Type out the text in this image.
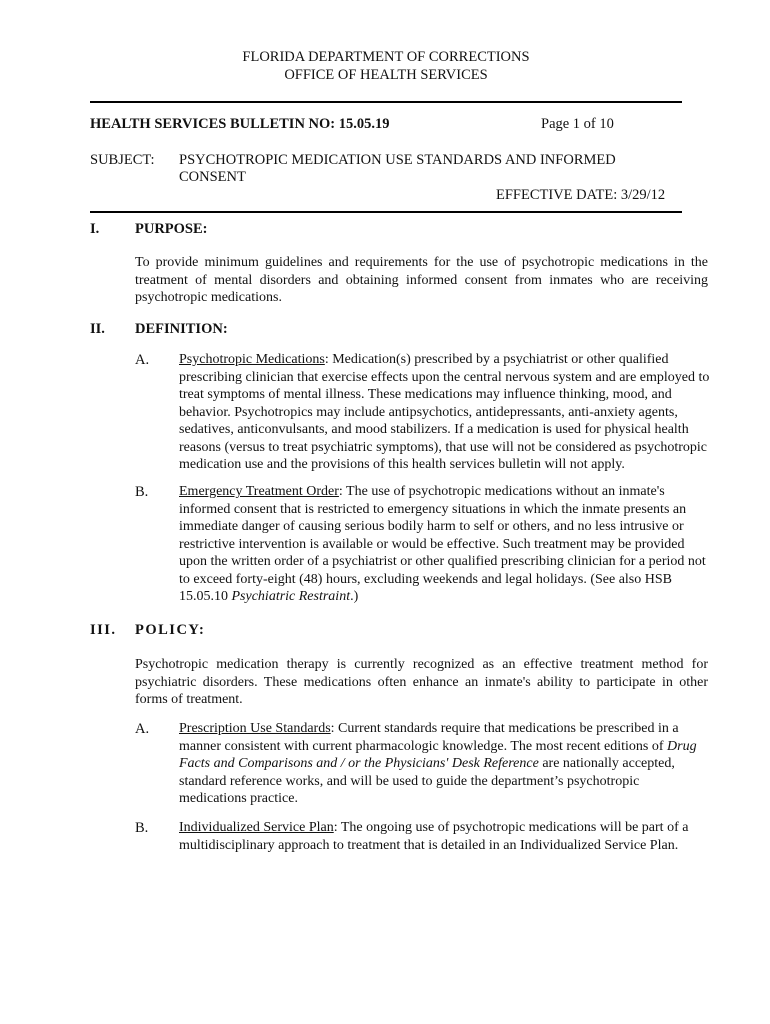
FLORIDA DEPARTMENT OF CORRECTIONS
OFFICE OF HEALTH SERVICES
HEALTH SERVICES BULLETIN NO: 15.05.19	Page 1 of 10
SUBJECT: PSYCHOTROPIC MEDICATION USE STANDARDS AND INFORMED
CONSENT
EFFECTIVE DATE: 3/29/12
I. PURPOSE:
To provide minimum guidelines and requirements for the use of psychotropic medications in the treatment of mental disorders and obtaining informed consent from inmates who are receiving psychotropic medications.
II. DEFINITION:
A. Psychotropic Medications: Medication(s) prescribed by a psychiatrist or other qualified prescribing clinician that exercise effects upon the central nervous system and are employed to treat symptoms of mental illness. These medications may influence thinking, mood, and behavior. Psychotropics may include antipsychotics, antidepressants, anti-anxiety agents, sedatives, anticonvulsants, and mood stabilizers. If a medication is used for physical health reasons (versus to treat psychiatric symptoms), that use will not be considered as psychotropic medication use and the provisions of this health services bulletin will not apply.
B. Emergency Treatment Order: The use of psychotropic medications without an inmate's informed consent that is restricted to emergency situations in which the inmate presents an immediate danger of causing serious bodily harm to self or others, and no less intrusive or restrictive intervention is available or would be effective. Such treatment may be provided upon the written order of a psychiatrist or other qualified prescribing clinician for a period not to exceed forty-eight (48) hours, excluding weekends and legal holidays. (See also HSB 15.05.10 Psychiatric Restraint.)
III. POLICY:
Psychotropic medication therapy is currently recognized as an effective treatment method for psychiatric disorders. These medications often enhance an inmate's ability to participate in other forms of treatment.
A. Prescription Use Standards: Current standards require that medications be prescribed in a manner consistent with current pharmacologic knowledge. The most recent editions of Drug Facts and Comparisons and / or the Physicians' Desk Reference are nationally accepted, standard reference works, and will be used to guide the department’s psychotropic medications practice.
B. Individualized Service Plan: The ongoing use of psychotropic medications will be part of a multidisciplinary approach to treatment that is detailed in an Individualized Service Plan.
